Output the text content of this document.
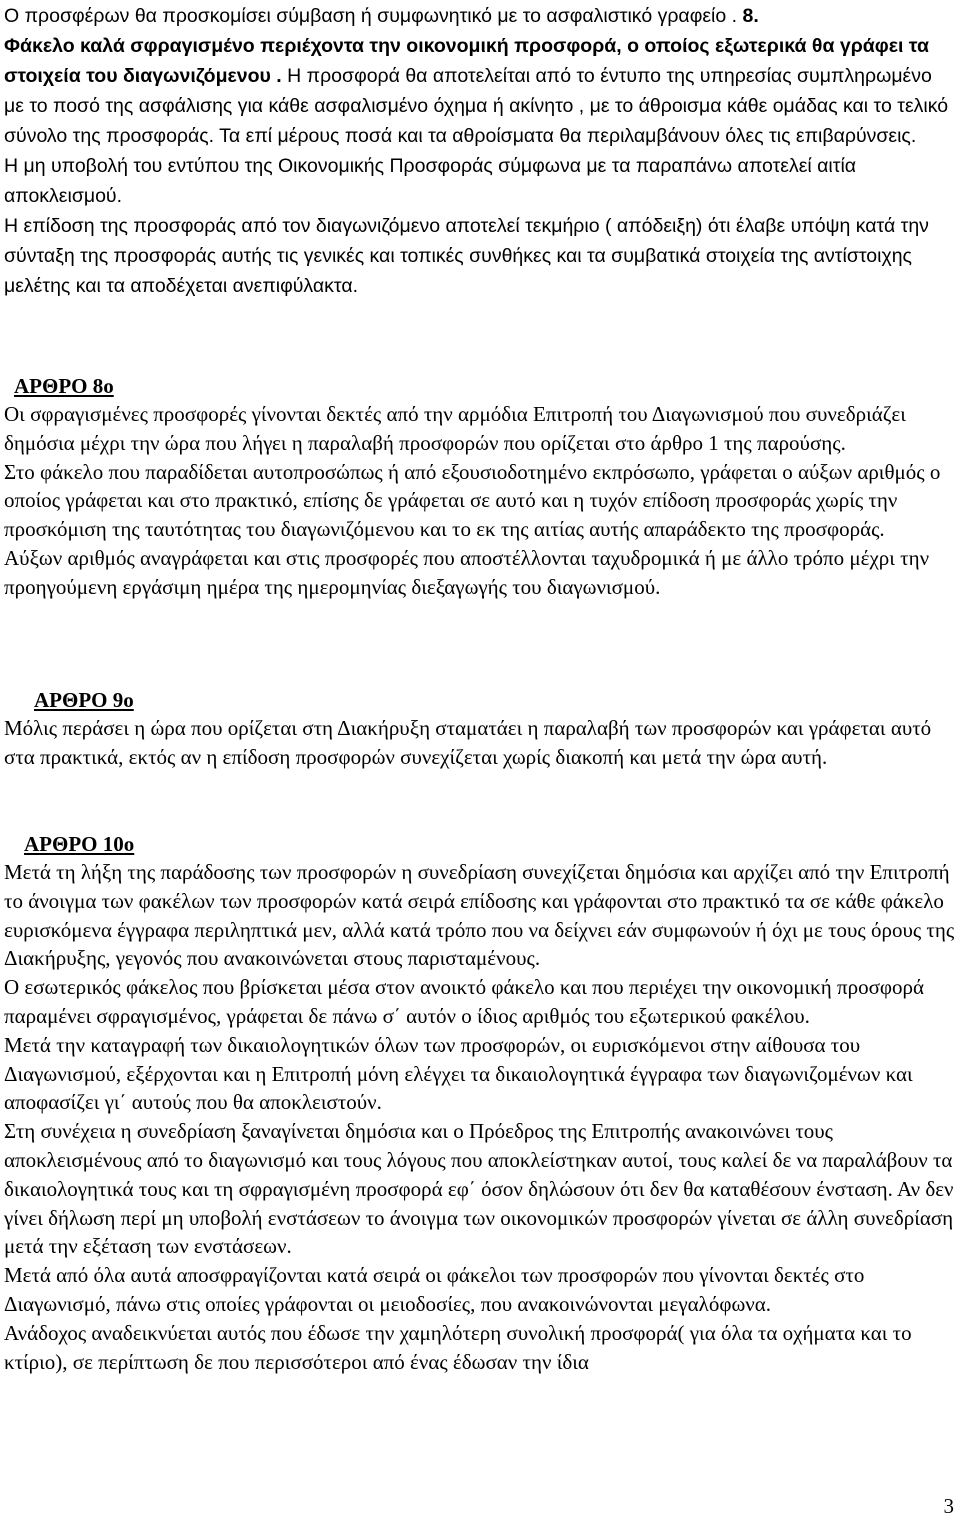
Ο προσφέρων θα προσκομίσει σύμβαση ή συμφωνητικό με το ασφαλιστικό γραφείο . 8.
Φάκελο καλά σφραγισμένο περιέχοντα την οικονομική προσφορά, ο οποίος εξωτερικά θα γράφει τα στοιχεία του διαγωνιζόμενου . Η προσφορά θα αποτελείται από το έντυπο της υπηρεσίας συμπληρωμένο με το ποσό της ασφάλισης για κάθε ασφαλισμένο όχημα ή ακίνητο , με το άθροισμα κάθε ομάδας και το τελικό σύνολο της προσφοράς. Τα επί μέρους ποσά και τα αθροίσματα θα περιλαμβάνουν όλες τις επιβαρύνσεις.

Η μη υποβολή του εντύπου της Οικονομικής Προσφοράς σύμφωνα με τα παραπάνω αποτελεί αιτία αποκλεισμού.

Η επίδοση της προσφοράς από τον διαγωνιζόμενο αποτελεί τεκμήριο ( απόδειξη) ότι έλαβε υπόψη κατά την σύνταξη της προσφοράς αυτής τις γενικές και τοπικές συνθήκες και τα συμβατικά στοιχεία της αντίστοιχης μελέτης και τα αποδέχεται ανεπιφύλακτα.

ΑΡΘΡΟ 8ο

Οι σφραγισμένες προσφορές γίνονται δεκτές από την αρμόδια Επιτροπή του Διαγωνισμού που συνεδριάζει δημόσια μέχρι την ώρα που λήγει η παραλαβή προσφορών που ορίζεται στο άρθρο 1 της παρούσης.

Στο φάκελο που παραδίδεται αυτοπροσώπως ή από εξουσιοδοτημένο εκπρόσωπο, γράφεται ο αύξων αριθμός ο οποίος γράφεται και στο πρακτικό, επίσης δε γράφεται σε αυτό και η τυχόν επίδοση προσφοράς χωρίς την προσκόμιση της ταυτότητας του διαγωνιζόμενου και το εκ της αιτίας αυτής απαράδεκτο της προσφοράς.

Αύξων αριθμός αναγράφεται και στις προσφορές που αποστέλλονται ταχυδρομικά ή με άλλο τρόπο μέχρι την προηγούμενη εργάσιμη ημέρα της ημερομηνίας διεξαγωγής του διαγωνισμού.

ΑΡΘΡΟ 9ο

Μόλις περάσει η ώρα που ορίζεται στη Διακήρυξη σταματάει η παραλαβή των προσφορών και γράφεται αυτό στα πρακτικά, εκτός αν η επίδοση προσφορών συνεχίζεται χωρίς διακοπή και μετά την ώρα αυτή.

ΑΡΘΡΟ 10ο

Μετά τη λήξη της παράδοσης των προσφορών η συνεδρίαση συνεχίζεται δημόσια και αρχίζει από την Επιτροπή το άνοιγμα των φακέλων των προσφορών κατά σειρά επίδοσης και γράφονται στο πρακτικό τα σε κάθε φάκελο ευρισκόμενα έγγραφα περιληπτικά μεν, αλλά κατά τρόπο που να δείχνει εάν συμφωνούν ή όχι με τους όρους της Διακήρυξης, γεγονός που ανακοινώνεται στους παρισταμένους.

Ο εσωτερικός φάκελος που βρίσκεται μέσα στον ανοικτό φάκελο και που περιέχει την οικονομική προσφορά παραμένει σφραγισμένος, γράφεται δε πάνω σ΄ αυτόν ο ίδιος αριθμός του εξωτερικού φακέλου.

Μετά την καταγραφή των δικαιολογητικών όλων των προσφορών, οι ευρισκόμενοι στην αίθουσα του Διαγωνισμού, εξέρχονται και η Επιτροπή μόνη ελέγχει τα δικαιολογητικά έγγραφα των διαγωνιζομένων και αποφασίζει γι΄ αυτούς που θα αποκλειστούν.

Στη συνέχεια η συνεδρίαση ξαναγίνεται δημόσια και ο Πρόεδρος της Επιτροπής ανακοινώνει τους αποκλεισμένους από το διαγωνισμό και τους λόγους που αποκλείστηκαν αυτοί, τους καλεί δε να παραλάβουν τα δικαιολογητικά τους και τη σφραγισμένη προσφορά εφ΄ όσον δηλώσουν ότι δεν θα καταθέσουν ένσταση. Αν δεν γίνει δήλωση περί μη υποβολή ενστάσεων το άνοιγμα των οικονομικών προσφορών γίνεται σε άλλη συνεδρίαση μετά την εξέταση των ενστάσεων.

Μετά από όλα αυτά αποσφραγίζονται κατά σειρά οι φάκελοι των προσφορών που γίνονται δεκτές στο Διαγωνισμό, πάνω στις οποίες γράφονται οι μειοδοσίες, που ανακοινώνονται μεγαλόφωνα.

Ανάδοχος αναδεικνύεται αυτός που έδωσε την χαμηλότερη συνολική προσφορά( για όλα τα οχήματα και το κτίριο), σε περίπτωση δε που περισσότεροι από ένας έδωσαν την ίδια

3
